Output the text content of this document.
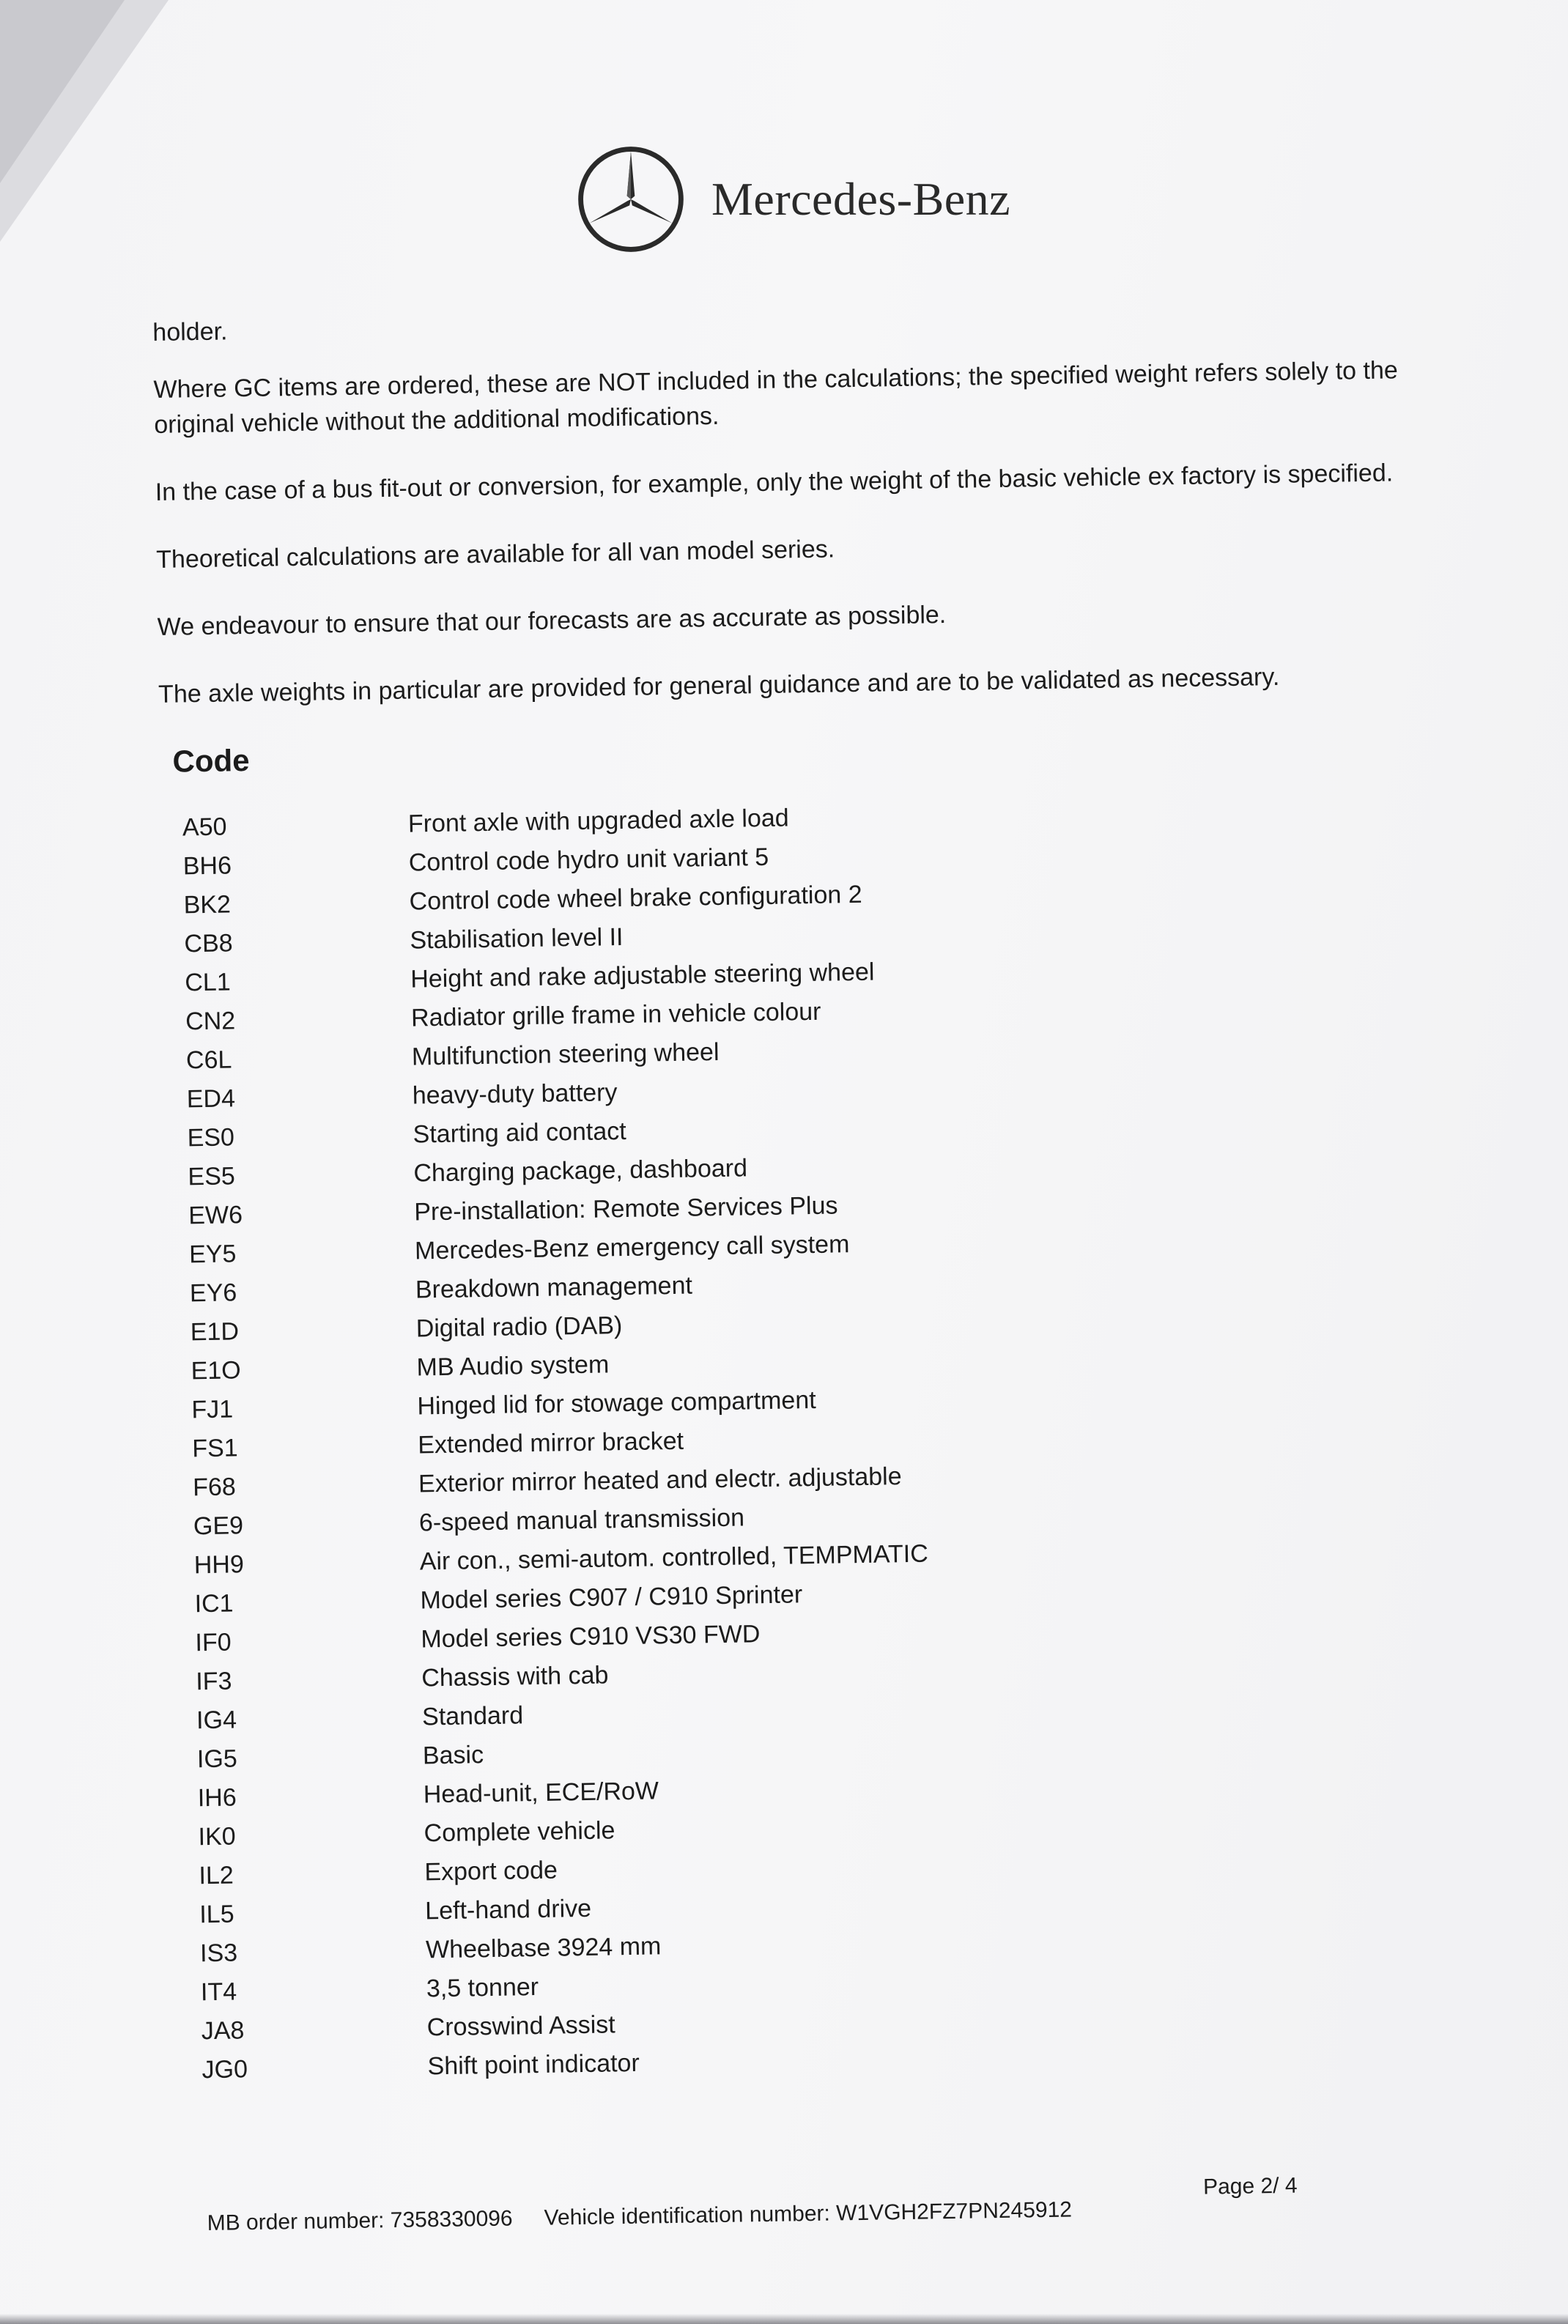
Mercedes-Benz

holder.

Where GC items are ordered, these are NOT included in the calculations; the specified weight refers solely to the original vehicle without the additional modifications.

In the case of a bus fit-out or conversion, for example, only the weight of the basic vehicle ex factory is specified.

Theoretical calculations are available for all van model series.

We endeavour to ensure that our forecasts are as accurate as possible.

The axle weights in particular are provided for general guidance and are to be validated as necessary.

Code
A50	Front axle with upgraded axle load
BH6	Control code hydro unit variant 5
BK2	Control code wheel brake configuration 2
CB8	Stabilisation level II
CL1	Height and rake adjustable steering wheel
CN2	Radiator grille frame in vehicle colour
C6L	Multifunction steering wheel
ED4	heavy-duty battery
ES0	Starting aid contact
ES5	Charging package, dashboard
EW6	Pre-installation: Remote Services Plus
EY5	Mercedes-Benz emergency call system
EY6	Breakdown management
E1D	Digital radio (DAB)
E1O	MB Audio system
FJ1	Hinged lid for stowage compartment
FS1	Extended mirror bracket
F68	Exterior mirror heated and electr. adjustable
GE9	6-speed manual transmission
HH9	Air con., semi-autom. controlled, TEMPMATIC
IC1	Model series C907 / C910 Sprinter
IF0	Model series C910 VS30 FWD
IF3	Chassis with cab
IG4	Standard
IG5	Basic
IH6	Head-unit, ECE/RoW
IK0	Complete vehicle
IL2	Export code
IL5	Left-hand drive
IS3	Wheelbase 3924 mm
IT4	3,5 tonner
JA8	Crosswind Assist
JG0	Shift point indicator
MB order number: 7358330096 Vehicle identification number: W1VGH2FZ7PN245912
Page 2/ 4
